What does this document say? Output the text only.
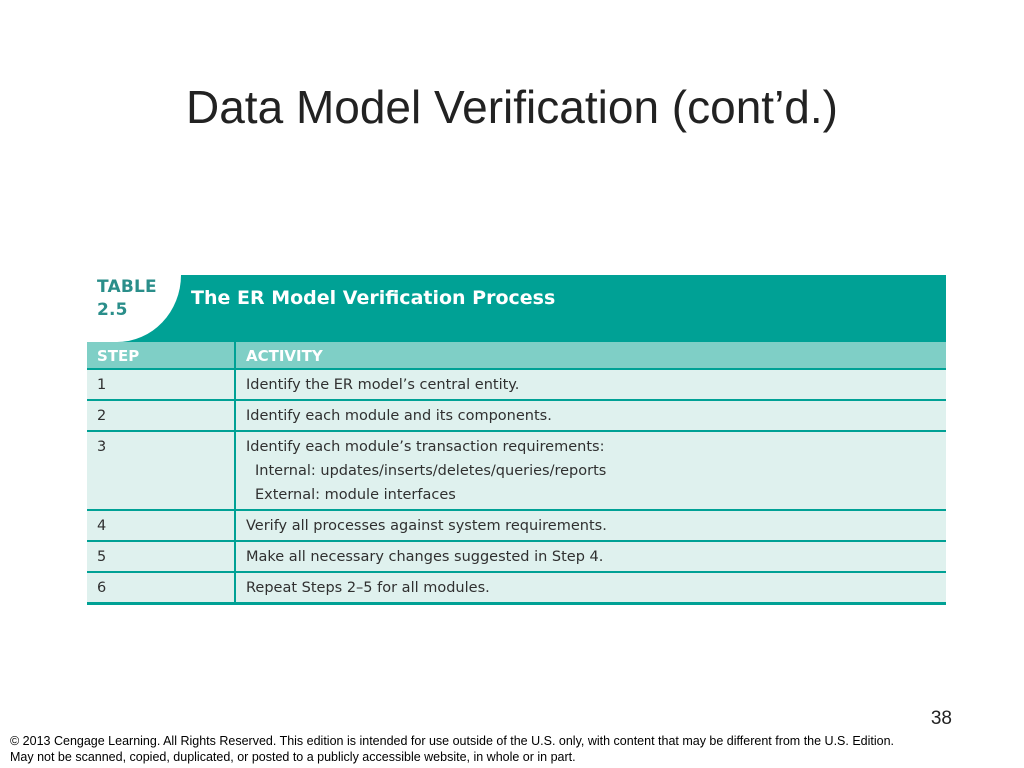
Data Model Verification (cont’d.)

TABLE
2.5

The ER Model Verification Process

STEP	ACTIVITY
1	Identify the ER model’s central entity.

2	Identify each module and its components.

3	Identify each module’s transaction requirements:
Internal: updates/inserts/deletes/queries/reports
External: module interfaces

4	Verify all processes against system requirements.

5	Make all necessary changes suggested in Step 4.

6	Repeat Steps 2–5 for all modules.
38
© 2013 Cengage Learning. All Rights Reserved. This edition is intended for use outside of the U.S. only, with content that may be different from the U.S. Edition.
May not be scanned, copied, duplicated, or posted to a publicly accessible website, in whole or in part.
